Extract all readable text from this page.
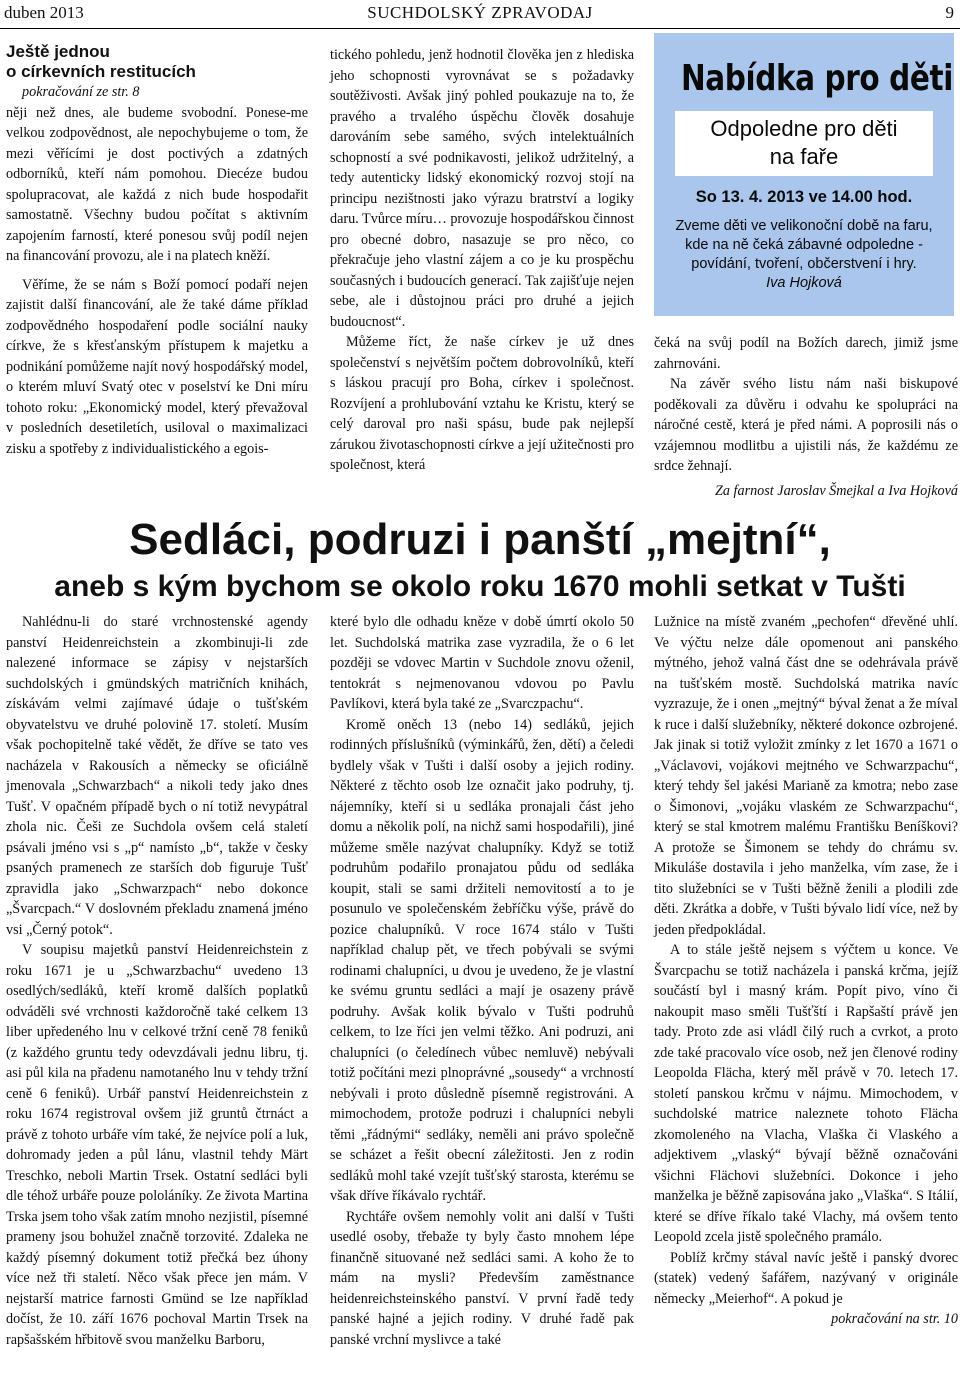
duben 2013	SUCHDOLSKÝ ZPRAVODAJ	9
Ještě jednou
o církevních restitucích

pokračování ze str. 8

něji než dnes, ale budeme svobodní. Ponese-me velkou zodpovědnost, ale nepochybujeme o tom, že mezi věřícími je dost poctivých a zdatných odborníků, kteří nám pomohou. Diecéze budou spolupracovat, ale každá z nich bude hospodařit samostatně. Všechny budou počítat s aktivním zapojením farností, které ponesou svůj podíl nejen na financování provozu, ale i na platech kněží.

Věříme, že se nám s Boží pomocí podaří nejen zajistit další financování, ale že také dáme příklad zodpovědného hospodaření podle sociální nauky církve, že s křesťanským přístupem k majetku a podnikání pomůžeme najít nový hospodářský model, o kterém mluví Svatý otec v poselství ke Dni míru tohoto roku: „Ekonomický model, který převažoval v posledních desetiletích, usiloval o maximalizaci zisku a spotřeby z individualistického a egois-

tického pohledu, jenž hodnotil člověka jen z hlediska jeho schopnosti vyrovnávat se s požadavky soutěživosti. Avšak jiný pohled poukazuje na to, že pravého a trvalého úspěchu člověk dosahuje darováním sebe samého, svých intelektuálních schopností a své podnikavosti, jelikož udržitelný, a tedy autenticky lidský ekonomický rozvoj stojí na principu nezištnosti jako výrazu bratrství a logiky daru. Tvůrce míru… provozuje hospodářskou činnost pro obecné dobro, nasazuje se pro něco, co překračuje jeho vlastní zájem a co je ku prospěchu současných i budoucích generací. Tak zajišťuje nejen sebe, ale i důstojnou práci pro druhé a jejich budoucnost“.

Můžeme říct, že naše církev je už dnes společenství s největším počtem dobrovolníků, kteří s láskou pracují pro Boha, církev i společnost. Rozvíjení a prohlubování vztahu ke Kristu, který se celý daroval pro naši spásu, bude pak nejlepší zárukou životaschopnosti církve a její užitečnosti pro společnost, která

Nabídka pro děti
Odpoledne pro děti
na faře
So 13. 4. 2013 ve 14.00 hod.
Zveme děti ve velikonoční době na faru, kde na ně čeká zábavné odpoledne - povídání, tvoření, občerstvení i hry.
Iva Hojková

čeká na svůj podíl na Božích darech, jimiž jsme zahrnováni.

Na závěr svého listu nám naši biskupové poděkovali za důvěru i odvahu ke spolupráci na náročné cestě, která je před námi. A poprosili nás o vzájemnou modlitbu a ujistili nás, že každému ze srdce žehnají.

Za farnost Jaroslav Šmejkal a Iva Hojková

Sedláci, podruzi i panští „mejtní“,
aneb s kým bychom se okolo roku 1670 mohli setkat v Tušti

Nahlédnu-li do staré vrchnostenské agendy panství Heidenreichstein a zkombinuji-li zde nalezené informace se zápisy v nejstarších suchdolských i gmündských matričních knihách, získávám velmi zajímavé údaje o tušťském obyvatelstvu ve druhé polovině 17. století. Musím však pochopitelně také vědět, že dříve se tato ves nacházela v Rakousích a německy se oficiálně jmenovala „Schwarzbach“ a nikoli tedy jako dnes Tušť. V opačném případě bych o ní totiž nevypátral zhola nic. Češi ze Suchdola ovšem celá staletí psávali jméno vsi s „p“ namísto „b“, takže v česky psaných pramenech ze starších dob figuruje Tušť zpravidla jako „Schwarzpach“ nebo dokonce „Švarcpach.“ V doslovném překladu znamená jméno vsi „Černý potok“.

V soupisu majetků panství Heidenreichstein z roku 1671 je u „Schwarzbachu“ uvedeno 13 osedlých/sedláků, kteří kromě dalších poplatků odváděli své vrchnosti každoročně také celkem 13 liber upředeného lnu v celkové tržní ceně 78 feniků (z každého gruntu tedy odevzdávali jednu libru, tj. asi půl kila na přadenu namotaného lnu v tehdy tržní ceně 6 feniků). Urbář panství Heidenreichstein z roku 1674 registroval ovšem již gruntů čtrnáct a právě z tohoto urbáře vím také, že nejvíce polí a luk, dohromady jeden a půl lánu, vlastnil tehdy Märt Treschko, neboli Martin Trsek. Ostatní sedláci byli dle téhož urbáře pouze pololáníky. Ze života Martina Trska jsem toho však zatím mnoho nezjistil, písemné prameny jsou bohužel značně torzovité. Zdaleka ne každý písemný dokument totiž přečká bez úhony více než tři staletí. Něco však přece jen mám. V nejstarší matrice farnosti Gmünd se lze například dočíst, že 10. září 1676 pochoval Martin Trsek na rapšašském hřbitově svou manželku Barboru,

které bylo dle odhadu kněze v době úmrtí okolo 50 let. Suchdolská matrika zase vyzradila, že o 6 let později se vdovec Martin v Suchdole znovu oženil, tentokrát s nejmenovanou vdovou po Pavlu Pavlíkovi, která byla také ze „Svarczpachu“.

Kromě oněch 13 (nebo 14) sedláků, jejich rodinných příslušníků (výminkářů, žen, dětí) a čeledi bydlely však v Tušti i další osoby a jejich rodiny. Některé z těchto osob lze označit jako podruhy, tj. nájemníky, kteří si u sedláka pronajali část jeho domu a několik polí, na nichž sami hospodařili), jiné můžeme směle nazývat chalupníky. Když se totiž podruhům podařilo pronajatou půdu od sedláka koupit, stali se sami držiteli nemovitostí a to je posunulo ve společenském žebříčku výše, právě do pozice chalupníků. V roce 1674 stálo v Tušti například chalup pět, ve třech pobývali se svými rodinami chalupníci, u dvou je uvedeno, že je vlastní ke svému gruntu sedláci a mají je osazeny právě podruhy. Avšak kolik bývalo v Tušti podruhů celkem, to lze říci jen velmi těžko. Ani podruzi, ani chalupníci (o čeledínech vůbec nemluvě) nebývali totiž počítáni mezi plnoprávné „sousedy“ a vrchností nebývali i proto důsledně písemně registrováni. A mimochodem, protože podruzi i chalupníci nebyli těmi „řádnými“ sedláky, neměli ani právo společně se scházet a řešit obecní záležitosti. Jen z rodin sedláků mohl také vzejít tušťský starosta, kterému se však dříve říkávalo rychtář.

Rychtáře ovšem nemohly volit ani další v Tušti usedlé osoby, třebaže ty byly často mnohem lépe finančně situované než sedláci sami. A koho že to mám na mysli? Především zaměstnance heidenreichsteinského panství. V první řadě tedy panské hajné a jejich rodiny. V druhé řadě pak panské vrchní myslivce a také

Lužnice na místě zvaném „pechofen“ dřevěné uhlí. Ve výčtu nelze dále opomenout ani panského mýtného, jehož valná část dne se odehrávala právě na tušťském mostě. Suchdolská matrika navíc vyzrazuje, že i onen „mejtný“ býval ženat a že míval k ruce i další služebníky, některé dokonce ozbrojené. Jak jinak si totiž vyložit zmínky z let 1670 a 1671 o „Václavovi, vojákovi mejtného ve Schwarzpachu“, který tehdy šel jakési Marianě za kmotra; nebo zase o Šimonovi, „vojáku vlaském ze Schwarzpachu“, který se stal kmotrem malému Františku Beníškovi? A protože se Šimonem se tehdy do chrámu sv. Mikuláše dostavila i jeho manželka, vím zase, že i tito služebníci se v Tušti běžně ženili a plodili zde děti. Zkrátka a dobře, v Tušti bývalo lidí více, než by jeden předpokládal.

A to stále ještě nejsem s výčtem u konce. Ve Švarcpachu se totiž nacházela i panská krčma, jejíž součástí byl i masný krám. Popít pivo, víno či nakoupit maso směli Tušťští i Rapšaští právě jen tady. Proto zde asi vládl čilý ruch a cvrkot, a proto zde také pracovalo více osob, než jen členové rodiny Leopolda Flächa, který měl právě v 70. letech 17. století panskou krčmu v nájmu. Mimochodem, v suchdolské matrice naleznete tohoto Flächa zkomoleného na Vlacha, Vlaška či Vlaského a adjektivem „vlaský“ bývají běžně označováni všichni Flächovi služebníci. Dokonce i jeho manželka je běžně zapisována jako „Vlaška“. S Itálií, které se dříve říkalo také Vlachy, má ovšem tento Leopold zcela jistě společného pramálo.

Poblíž krčmy stával navíc ještě i panský dvorec (statek) vedený šafářem, nazývaný v originále německy „Meierhof“. A pokud je

pokračování na str. 10
